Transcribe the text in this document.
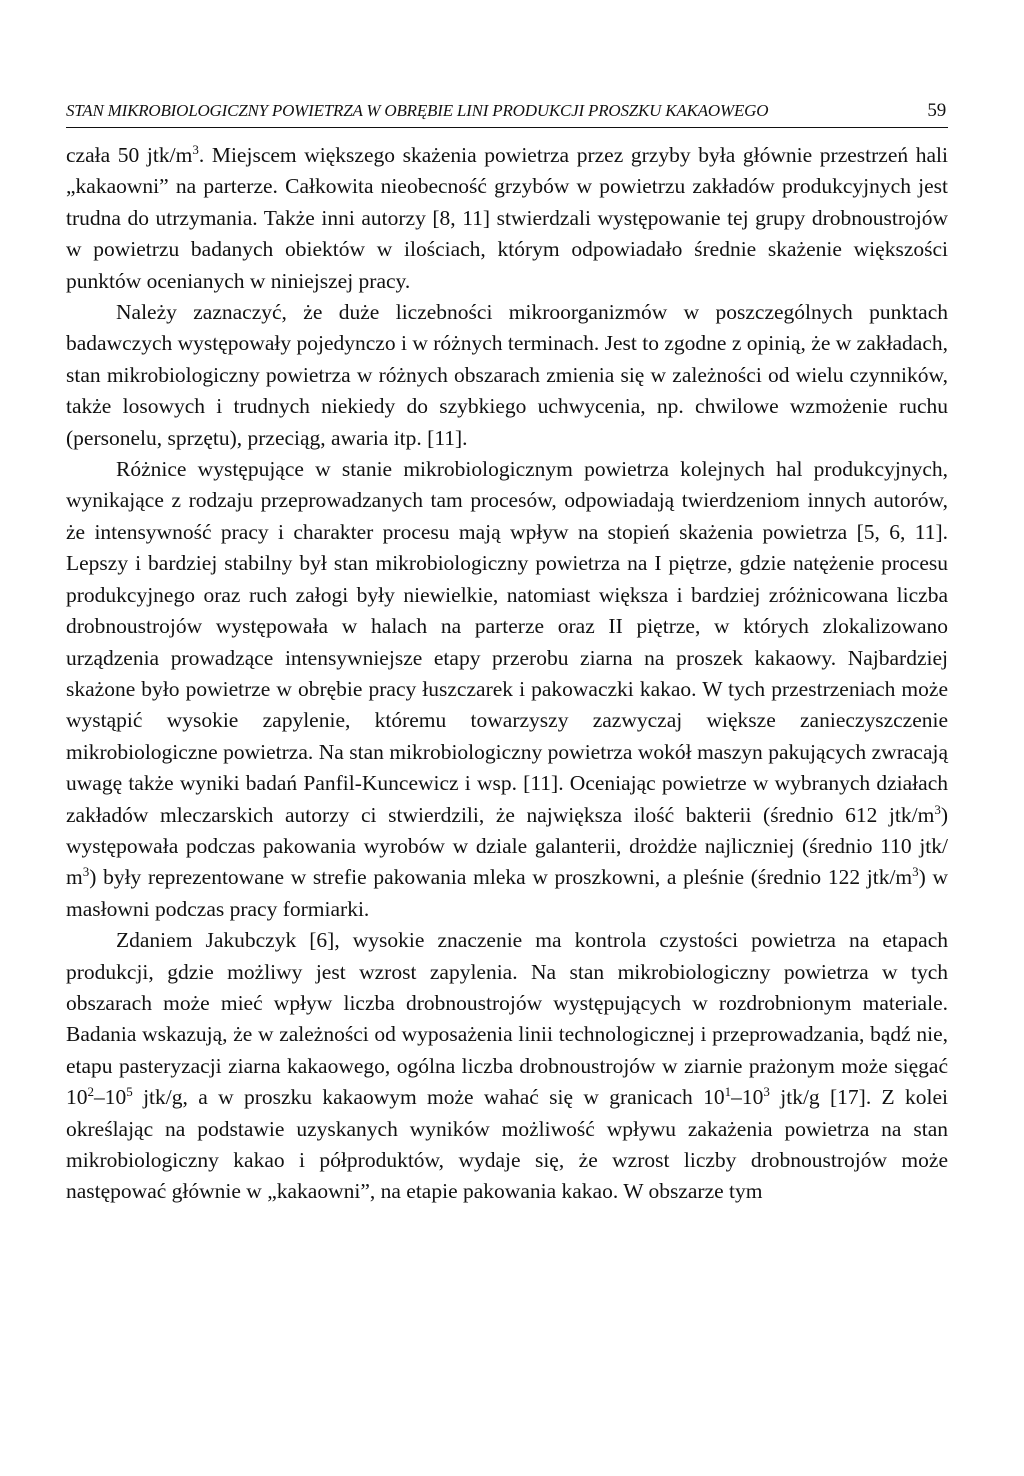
STAN MIKROBIOLOGICZNY POWIETRZA W OBRĘBIE LINI PRODUKCJI PROSZKU KAKAOWEGO	59

czała 50 jtk/$m^3$. Miejscem większego skażenia powietrza przez grzyby była głównie przestrzeń hali „kakaowni” na parterze. Całkowita nieobecność grzybów w powietrzu zakładów produkcyjnych jest trudna do utrzymania. Także inni autorzy [8, 11] stwierdzali występowanie tej grupy drobnoustrojów w powietrzu badanych obiektów w ilościach, którym odpowiadało średnie skażenie większości punktów ocenianych w niniejszej pracy.

Należy zaznaczyć, że duże liczebności mikroorganizmów w poszczególnych punktach badawczych występowały pojedynczo i w różnych terminach. Jest to zgodne z opinią, że w zakładach, stan mikrobiologiczny powietrza w różnych obszarach zmienia się w zależności od wielu czynników, także losowych i trudnych niekiedy do szybkiego uchwycenia, np. chwilowe wzmożenie ruchu (personelu, sprzętu), przeciąg, awaria itp. [11].

Różnice występujące w stanie mikrobiologicznym powietrza kolejnych hal produkcyjnych, wynikające z rodzaju przeprowadzanych tam procesów, odpowiadają twierdzeniom innych autorów, że intensywność pracy i charakter procesu mają wpływ na stopień skażenia powietrza [5, 6, 11]. Lepszy i bardziej stabilny był stan mikrobiologiczny powietrza na I piętrze, gdzie natężenie procesu produkcyjnego oraz ruch załogi były niewielkie, natomiast większa i bardziej zróżnicowana liczba drobnoustrojów występowała w halach na parterze oraz II piętrze, w których zlokalizowano urządzenia prowadzące intensywniejsze etapy przerobu ziarna na proszek kakaowy. Najbardziej skażone było powietrze w obrębie pracy łuszczarek i pakowaczki kakao. W tych przestrzeniach może wystąpić wysokie zapylenie, któremu towarzyszy zazwyczaj większe zanieczyszczenie mikrobiologiczne powietrza. Na stan mikrobiologiczny powietrza wokół maszyn pakujących zwracają uwagę także wyniki badań Panfil-Kuncewicz i wsp. [11]. Oceniając powietrze w wybranych działach zakładów mleczarskich autorzy ci stwierdzili, że największa ilość bakterii (średnio 612 jtk/$m^3$) występowała podczas pakowania wyrobów w dziale galanterii, drożdże najliczniej (średnio 110 jtk/ $m^3$) były reprezentowane w strefie pakowania mleka w proszkowni, a pleśnie (średnio 122 jtk/$m^3$) w masłowni podczas pracy formiarki.

Zdaniem Jakubczyk [6], wysokie znaczenie ma kontrola czystości powietrza na etapach produkcji, gdzie możliwy jest wzrost zapylenia. Na stan mikrobiologiczny powietrza w tych obszarach może mieć wpływ liczba drobnoustrojów występujących w rozdrobnionym materiale. Badania wskazują, że w zależności od wyposażenia linii technologicznej i przeprowadzania, bądź nie, etapu pasteryzacji ziarna kakaowego, ogólna liczba drobnoustrojów w ziarnie prażonym może sięgać $10^2-10^5$ jtk/g, a w proszku kakaowym może wahać się w granicach $10^1-10^3$ jtk/g [17]. Z kolei określając na podstawie uzyskanych wyników możliwość wpływu zakażenia powietrza na stan mikrobiologiczny kakao i półproduktów, wydaje się, że wzrost liczby drobnoustrojów może następować głównie w „kakaowni”, na etapie pakowania kakao. W obszarze tym
